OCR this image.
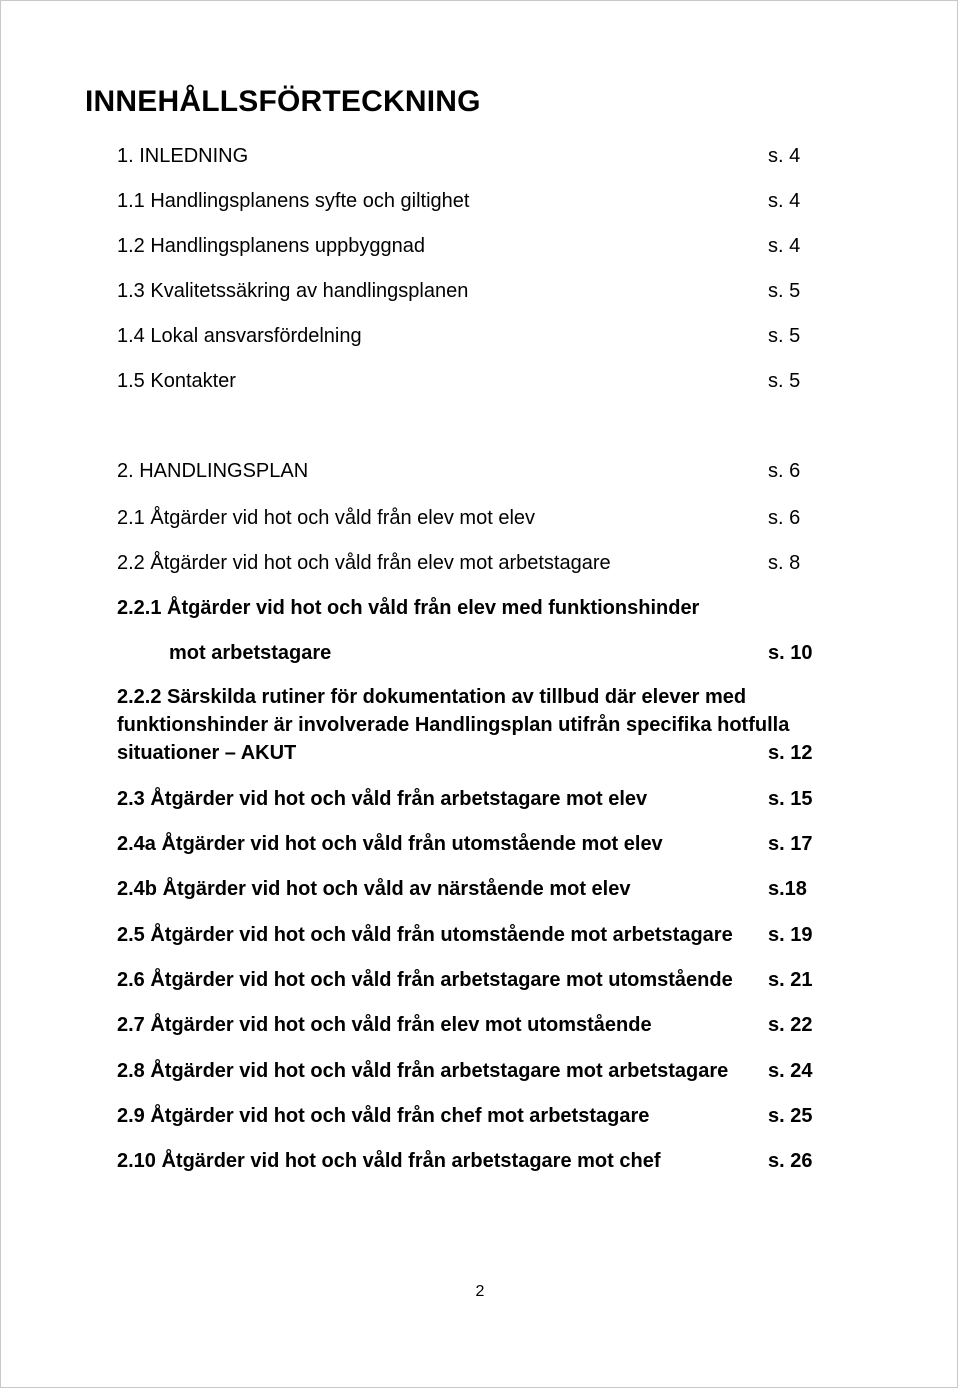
INNEHÅLLSFÖRTECKNING
1. INLEDNING	s. 4
1.1 Handlingsplanens syfte och giltighet	s. 4
1.2 Handlingsplanens uppbyggnad	s. 4
1.3 Kvalitetssäkring av handlingsplanen	s. 5
1.4 Lokal ansvarsfördelning	s. 5
1.5 Kontakter	s. 5
2. HANDLINGSPLAN	s. 6
2.1 Åtgärder vid hot och våld från elev mot elev	s. 6
2.2 Åtgärder vid hot och våld från elev mot arbetstagare	s. 8
2.2.1 Åtgärder vid hot och våld från elev med funktionshinder
mot arbetstagare	s. 10
2.2.2 Särskilda rutiner för dokumentation av tillbud där elever med
funktionshinder är involverade Handlingsplan utifrån specifika hotfulla
situationer – AKUT	s. 12
2.3 Åtgärder vid hot och våld från arbetstagare mot elev	s. 15
2.4a Åtgärder vid hot och våld från utomstående mot elev	s. 17
2.4b Åtgärder vid hot och våld av närstående mot elev	s.18
2.5 Åtgärder vid hot och våld från utomstående mot arbetstagare s. 19
2.6 Åtgärder vid hot och våld från arbetstagare mot utomstående s. 21
2.7 Åtgärder vid hot och våld från elev mot utomstående	s. 22
2.8 Åtgärder vid hot och våld från arbetstagare mot arbetstagare s. 24
2.9 Åtgärder vid hot och våld från chef mot arbetstagare	s. 25
2.10 Åtgärder vid hot och våld från arbetstagare mot chef	s. 26
2
